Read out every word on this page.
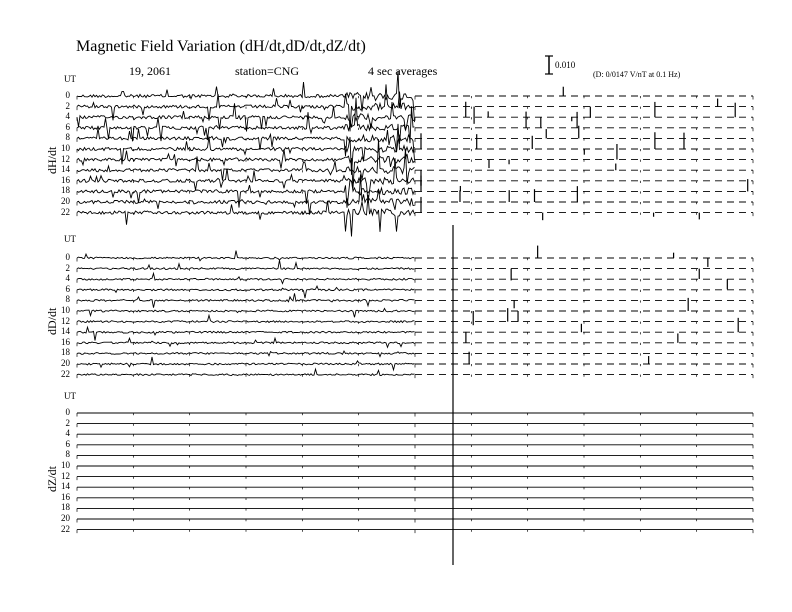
Magnetic Field Variation (dH/dt,dD/dt,dZ/dt)
19, 2061	station=CNG	4 sec averages	0.010
(D: 0/0147 V/nT at 0.1 Hz)
dH/dt
UT
0
2
4
6
8
10
12
14
16
18
20
22
dD/dt
UT
0
2
4
6
8
10
12
14
16
18
20
22
dZ/dt
UT
0
2
4
6
8
10
12
14
16
18
20
22
